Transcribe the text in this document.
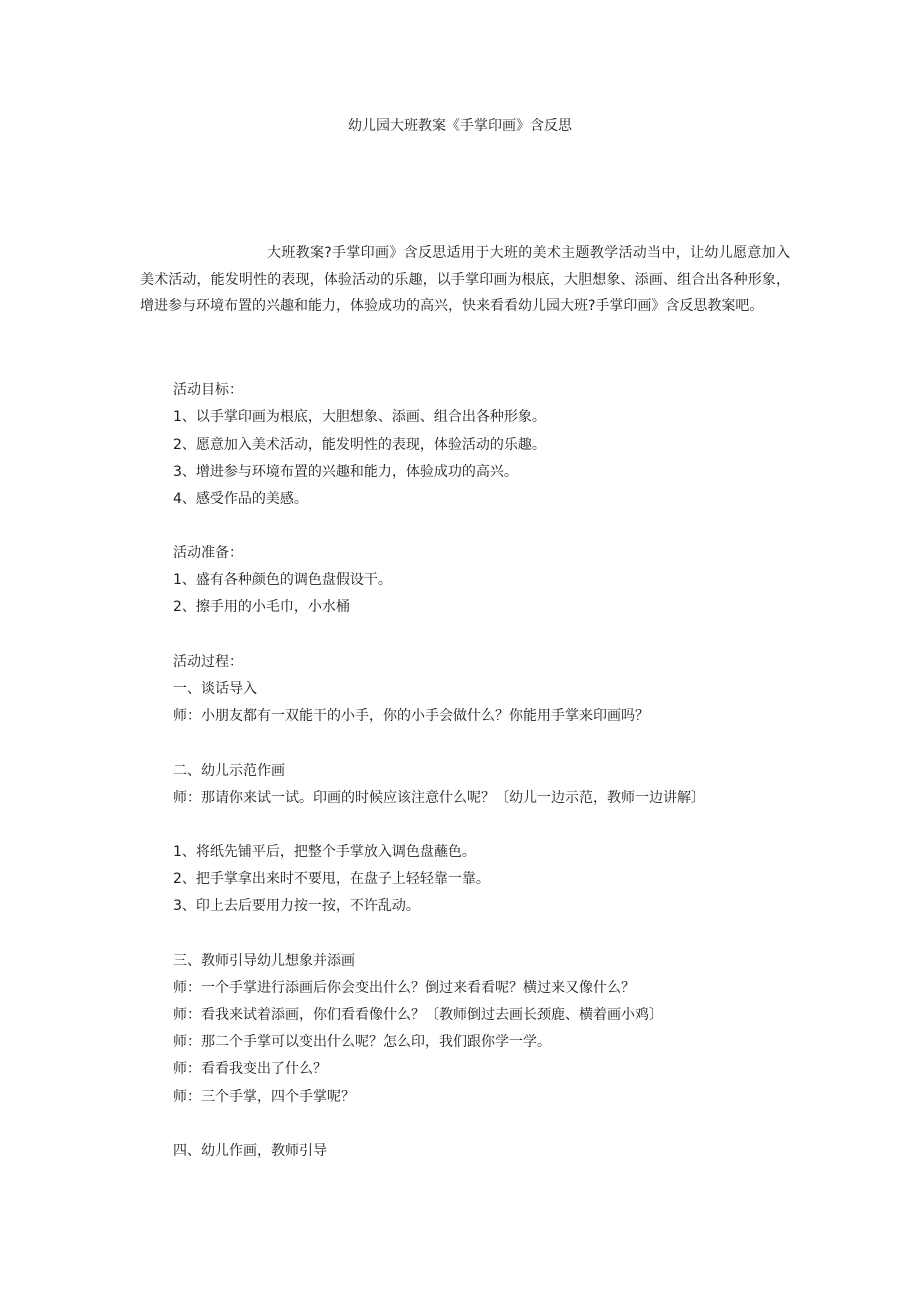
幼儿园大班教案《手掌印画》含反思
大班教案?手掌印画》含反思适用于大班的美术主题教学活动当中，让幼儿愿意加入美术活动，能发明性的表现，体验活动的乐趣，以手掌印画为根底，大胆想象、添画、组合出各种形象，增进参与环境布置的兴趣和能力，体验成功的高兴，快来看看幼儿园大班?手掌印画》含反思教案吧。
活动目标：
1、以手掌印画为根底，大胆想象、添画、组合出各种形象。
2、愿意加入美术活动，能发明性的表现，体验活动的乐趣。
3、增进参与环境布置的兴趣和能力，体验成功的高兴。
4、感受作品的美感。
活动准备：
1、盛有各种颜色的调色盘假设干。
2、擦手用的小毛巾，小水桶
活动过程：
一、谈话导入
师：小朋友都有一双能干的小手，你的小手会做什么？你能用手掌来印画吗？
二、幼儿示范作画
师：那请你来试一试。印画的时候应该注意什么呢？〔幼儿一边示范，教师一边讲解〕
1、将纸先铺平后，把整个手掌放入调色盘蘸色。
2、把手掌拿出来时不要甩，在盘子上轻轻靠一靠。
3、印上去后要用力按一按，不许乱动。
三、教师引导幼儿想象并添画
师：一个手掌进行添画后你会变出什么？倒过来看看呢？横过来又像什么？
师：看我来试着添画，你们看看像什么？〔教师倒过去画长颈鹿、横着画小鸡〕
师：那二个手掌可以变出什么呢？怎么印，我们跟你学一学。
师：看看我变出了什么？
师：三个手掌，四个手掌呢？
四、幼儿作画，教师引导
